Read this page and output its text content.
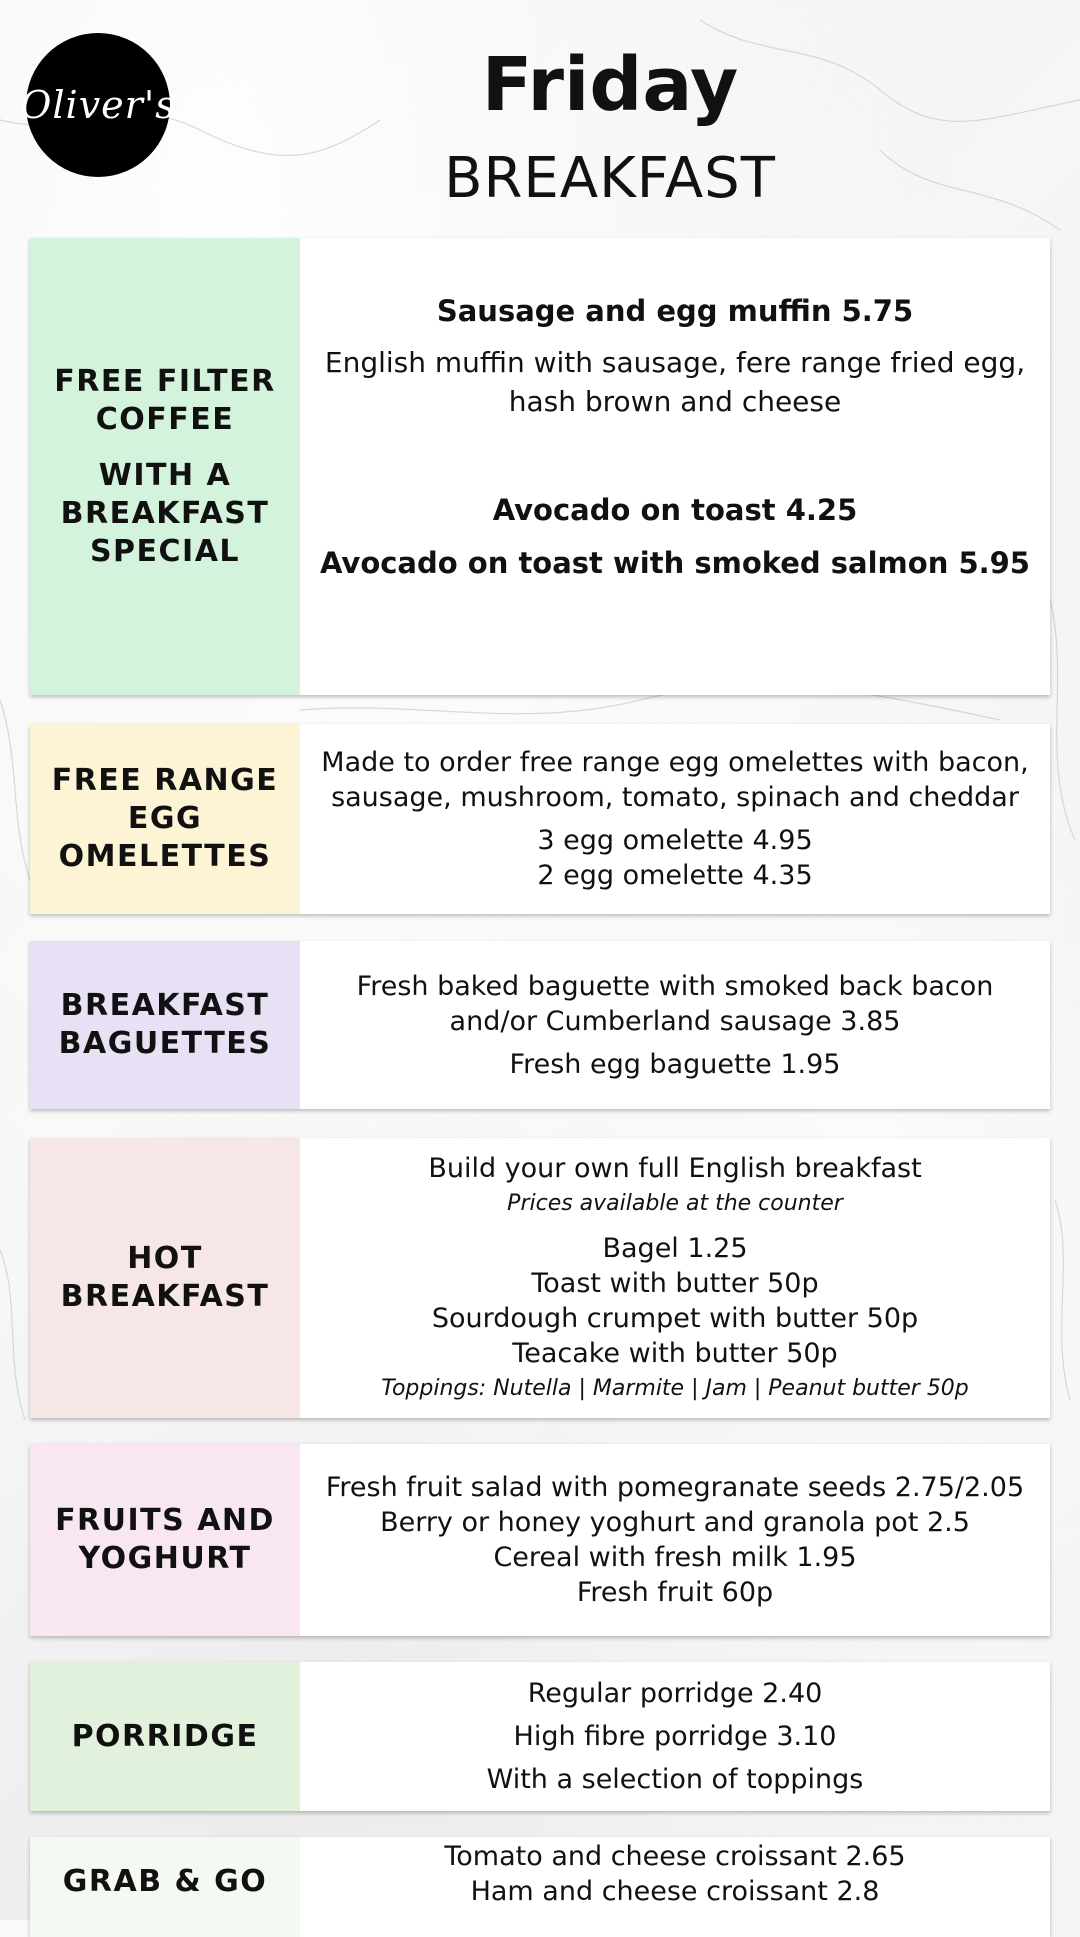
Oliver's	Friday
BREAKFAST
FREE FILTER
COFFEE
WITH A
BREAKFAST
SPECIAL
Sausage and egg muffin 5.75
English muffin with sausage, fere range fried egg, hash brown and cheese
Avocado on toast 4.25
Avocado on toast with smoked salmon 5.95
FREE RANGE
EGG
OMELETTES
Made to order free range egg omelettes with bacon, sausage, mushroom, tomato, spinach and cheddar
3 egg omelette 4.95
2 egg omelette 4.35
BREAKFAST
BAGUETTES
Fresh baked baguette with smoked back bacon and/or Cumberland sausage 3.85
Fresh egg baguette 1.95
HOT
BREAKFAST
Build your own full English breakfast
Prices available at the counter
Bagel 1.25
Toast with butter 50p
Sourdough crumpet with butter 50p
Teacake with butter 50p
Toppings: Nutella | Marmite | Jam | Peanut butter 50p
FRUITS AND
YOGHURT
Fresh fruit salad with pomegranate seeds 2.75/2.05
Berry or honey yoghurt and granola pot 2.5
Cereal with fresh milk 1.95
Fresh fruit 60p
PORRIDGE
Regular porridge 2.40
High fibre porridge 3.10
With a selection of toppings
GRAB & GO
Tomato and cheese croissant 2.65
Ham and cheese croissant 2.8
